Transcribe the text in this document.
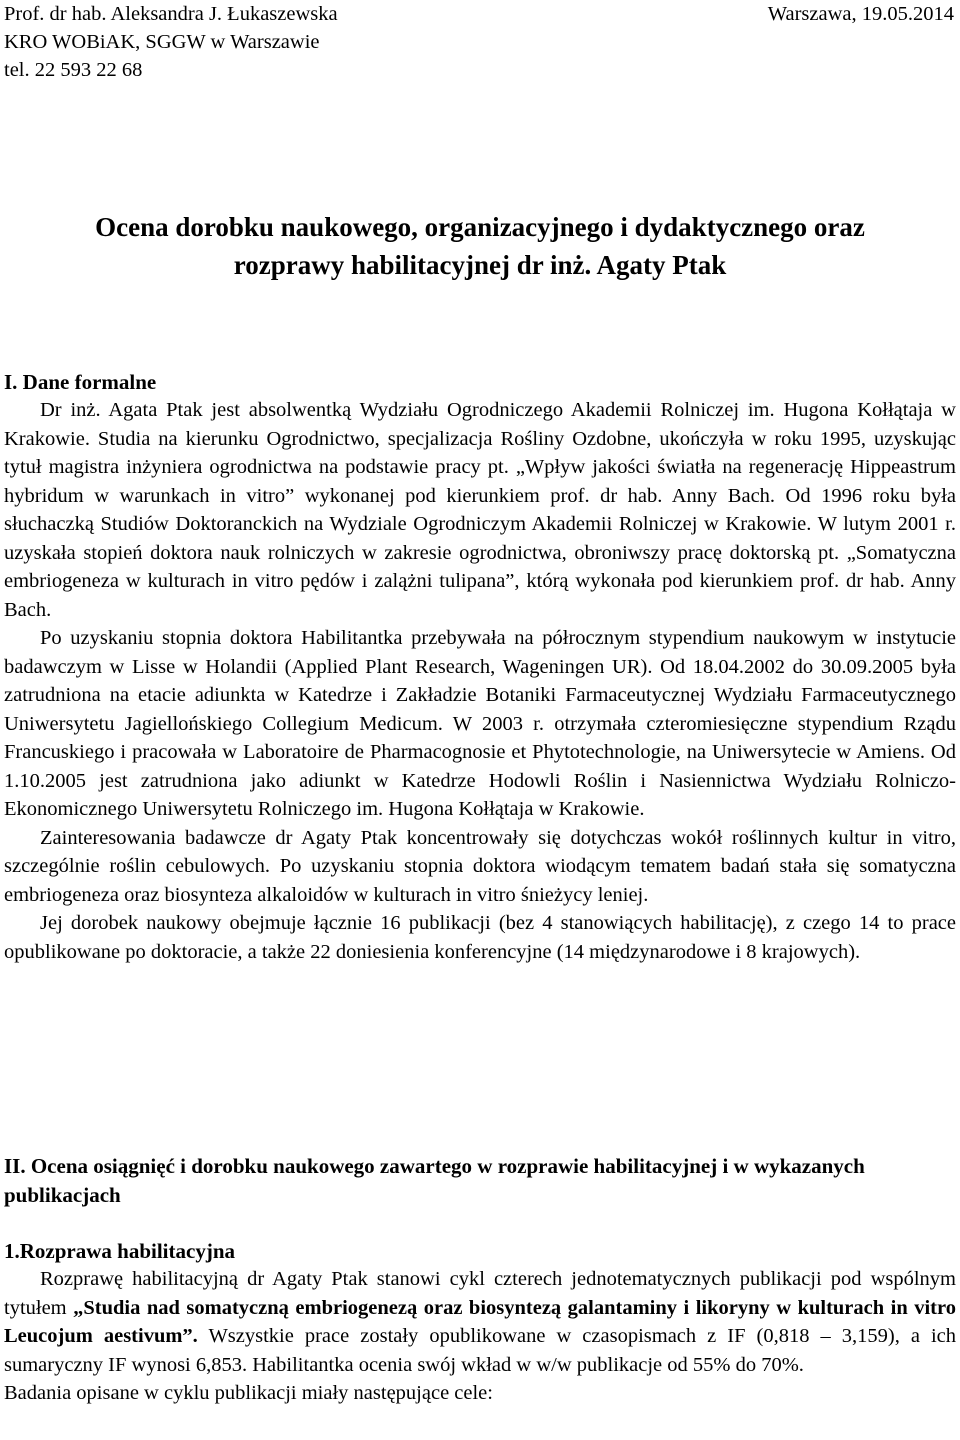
Prof. dr hab. Aleksandra J. Łukaszewska	Warszawa, 19.05.2014
KRO WOBiAK, SGGW w Warszawie
tel. 22 593 22 68
Ocena dorobku naukowego, organizacyjnego i dydaktycznego oraz
rozprawy habilitacyjnej dr inż. Agaty Ptak
I. Dane formalne

Dr inż. Agata Ptak jest absolwentką Wydziału Ogrodniczego Akademii Rolniczej im. Hugona Kołłątaja w Krakowie. Studia na kierunku Ogrodnictwo, specjalizacja Rośliny Ozdobne, ukończyła w roku 1995, uzyskując tytuł magistra inżyniera ogrodnictwa na podstawie pracy pt. „Wpływ jakości światła na regenerację Hippeastrum hybridum w warunkach in vitro” wykonanej pod kierunkiem prof. dr hab. Anny Bach. Od 1996 roku była słuchaczką Studiów Doktoranckich na Wydziale Ogrodniczym Akademii Rolniczej w Krakowie. W lutym 2001 r. uzyskała stopień doktora nauk rolniczych w zakresie ogrodnictwa, obroniwszy pracę doktorską pt. „Somatyczna embriogeneza w kulturach in vitro pędów i zalążni tulipana”, którą wykonała pod kierunkiem prof. dr hab. Anny Bach.

Po uzyskaniu stopnia doktora Habilitantka przebywała na półrocznym stypendium naukowym w instytucie badawczym w Lisse w Holandii (Applied Plant Research, Wageningen UR). Od 18.04.2002 do 30.09.2005 była zatrudniona na etacie adiunkta w Katedrze i Zakładzie Botaniki Farmaceutycznej Wydziału Farmaceutycznego Uniwersytetu Jagiellońskiego Collegium Medicum. W 2003 r. otrzymała czteromiesięczne stypendium Rządu Francuskiego i pracowała w Laboratoire de Pharmacognosie et Phytotechnologie, na Uniwersytecie w Amiens. Od 1.10.2005 jest zatrudniona jako adiunkt w Katedrze Hodowli Roślin i Nasiennictwa Wydziału Rolniczo-Ekonomicznego Uniwersytetu Rolniczego im. Hugona Kołłątaja w Krakowie.

Zainteresowania badawcze dr Agaty Ptak koncentrowały się dotychczas wokół roślinnych kultur in vitro, szczególnie roślin cebulowych. Po uzyskaniu stopnia doktora wiodącym tematem badań stała się somatyczna embriogeneza oraz biosynteza alkaloidów w kulturach in vitro śnieżycy leniej.

Jej dorobek naukowy obejmuje łącznie 16 publikacji (bez 4 stanowiących habilitację), z czego 14 to prace opublikowane po doktoracie, a także 22 doniesienia konferencyjne (14 międzynarodowe i 8 krajowych).

II. Ocena osiągnięć i dorobku naukowego zawartego w rozprawie habilitacyjnej i w wykazanych publikacjach
1.Rozprawa habilitacyjna

Rozprawę habilitacyjną dr Agaty Ptak stanowi cykl czterech jednotematycznych publikacji pod wspólnym tytułem „Studia nad somatyczną embriogenezą oraz biosyntezą galantaminy i likoryny w kulturach in vitro Leucojum aestivum”. Wszystkie prace zostały opublikowane w czasopismach z IF (0,818 – 3,159), a ich sumaryczny IF wynosi 6,853. Habilitantka ocenia swój wkład w w/w publikacje od 55% do 70%.

Badania opisane w cyklu publikacji miały następujące cele:
